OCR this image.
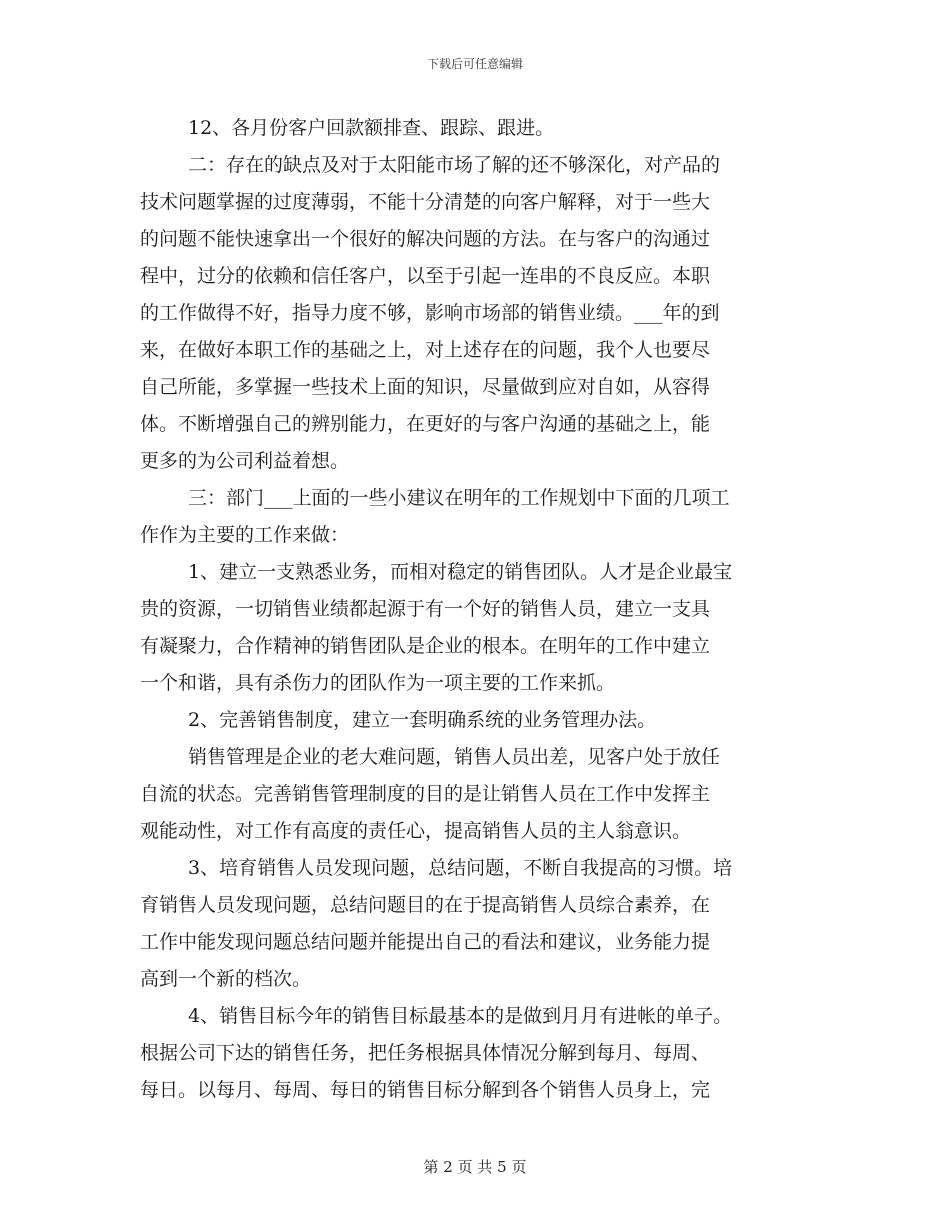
下载后可任意编辑
12、各月份客户回款额排查、跟踪、跟进。
二：存在的缺点及对于太阳能市场了解的还不够深化，对产品的
技术问题掌握的过度薄弱，不能十分清楚的向客户解释，对于一些大
的问题不能快速拿出一个很好的解决问题的方法。在与客户的沟通过
程中，过分的依赖和信任客户，以至于引起一连串的不良反应。本职
的工作做得不好，指导力度不够，影响市场部的销售业绩。___年的到
来，在做好本职工作的基础之上，对上述存在的问题，我个人也要尽
自己所能，多掌握一些技术上面的知识，尽量做到应对自如，从容得
体。不断增强自己的辨别能力，在更好的与客户沟通的基础之上，能
更多的为公司利益着想。
三：部门___上面的一些小建议在明年的工作规划中下面的几项工
作作为主要的工作来做：
1、建立一支熟悉业务，而相对稳定的销售团队。人才是企业最宝
贵的资源，一切销售业绩都起源于有一个好的销售人员，建立一支具
有凝聚力，合作精神的销售团队是企业的根本。在明年的工作中建立
一个和谐，具有杀伤力的团队作为一项主要的工作来抓。
2、完善销售制度，建立一套明确系统的业务管理办法。
销售管理是企业的老大难问题，销售人员出差，见客户处于放任
自流的状态。完善销售管理制度的目的是让销售人员在工作中发挥主
观能动性，对工作有高度的责任心，提高销售人员的主人翁意识。
3、培育销售人员发现问题，总结问题，不断自我提高的习惯。培
育销售人员发现问题，总结问题目的在于提高销售人员综合素养，在
工作中能发现问题总结问题并能提出自己的看法和建议，业务能力提
高到一个新的档次。
4、销售目标今年的销售目标最基本的是做到月月有进帐的单子。
根据公司下达的销售任务，把任务根据具体情况分解到每月、每周、
每日。以每月、每周、每日的销售目标分解到各个销售人员身上，完
第 2 页 共 5 页
